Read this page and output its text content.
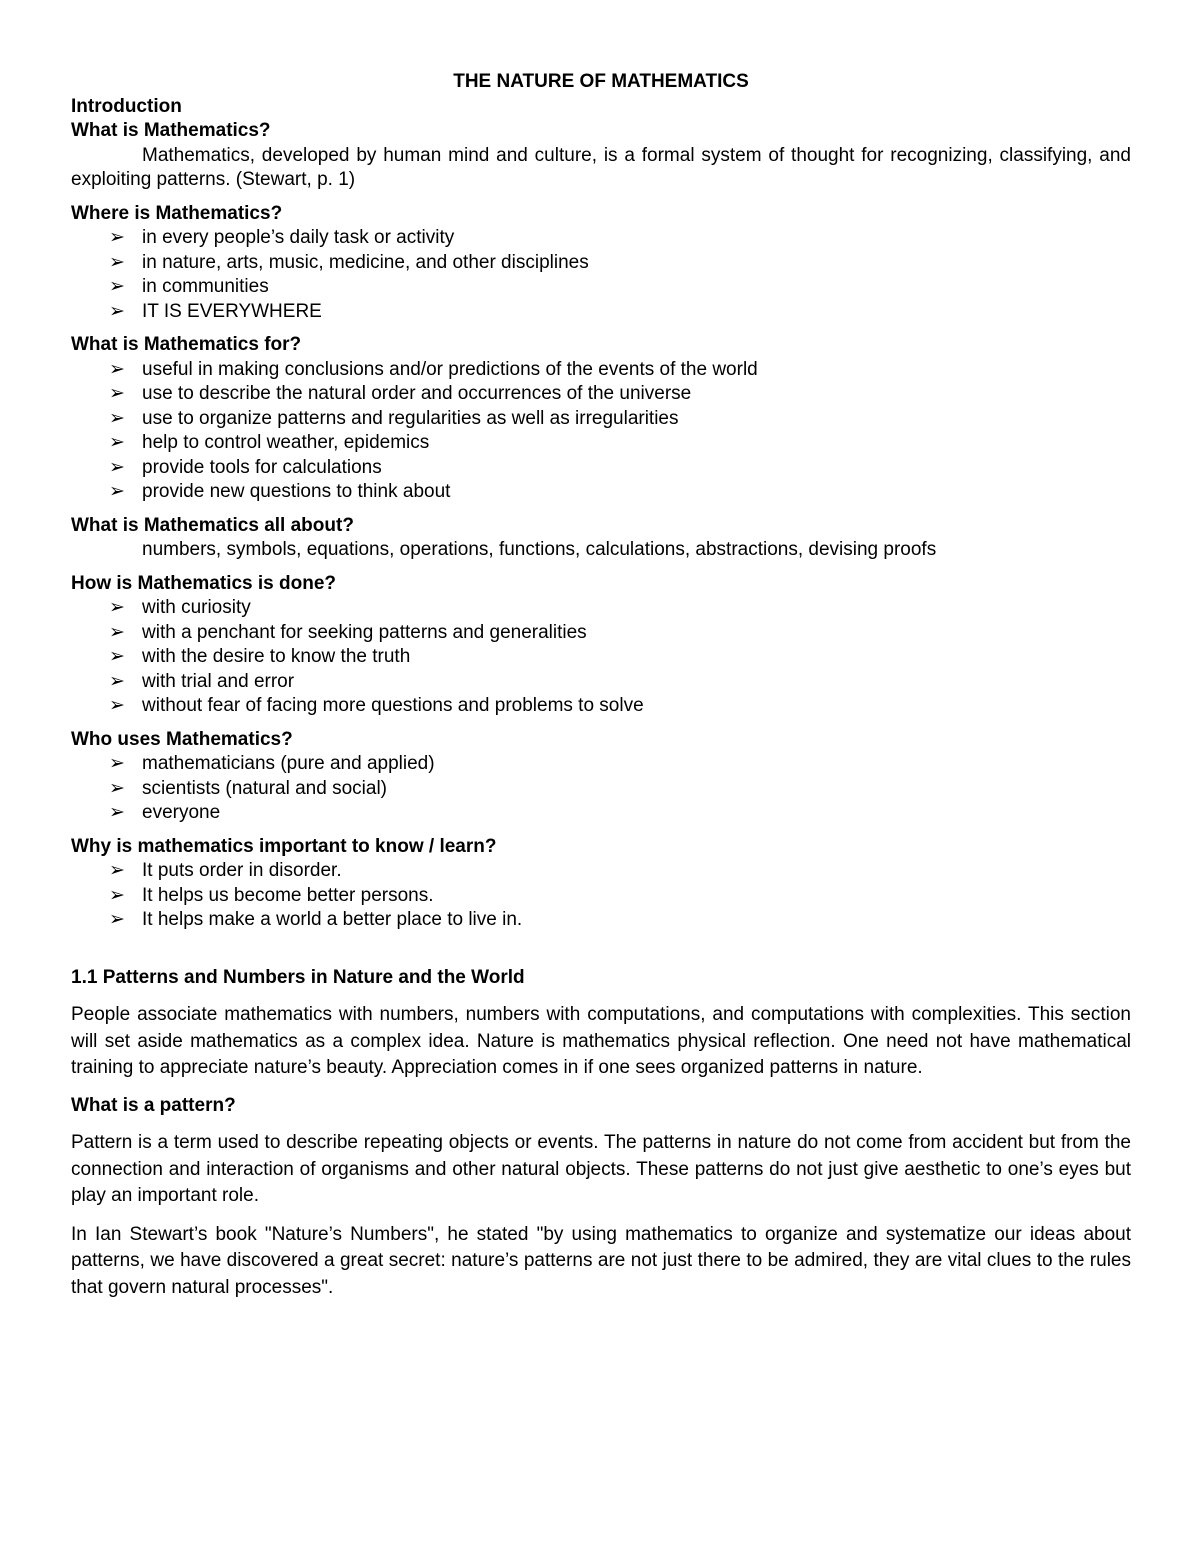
THE NATURE OF MATHEMATICS

Introduction

What is Mathematics?

Mathematics, developed by human mind and culture, is a formal system of thought for recognizing, classifying, and exploiting patterns. (Stewart, p. 1)

Where is Mathematics?

➢ in every people’s daily task or activity
➢ in nature, arts, music, medicine, and other disciplines
➢ in communities
➢ IT IS EVERYWHERE

What is Mathematics for?

➢ useful in making conclusions and/or predictions of the events of the world
➢ use to describe the natural order and occurrences of the universe
➢ use to organize patterns and regularities as well as irregularities
➢ help to control weather, epidemics
➢ provide tools for calculations
➢ provide new questions to think about

What is Mathematics all about?

numbers, symbols, equations, operations, functions, calculations, abstractions, devising proofs

How is Mathematics is done?

➢ with curiosity
➢ with a penchant for seeking patterns and generalities
➢ with the desire to know the truth
➢ with trial and error
➢ without fear of facing more questions and problems to solve

Who uses Mathematics?

➢ mathematicians (pure and applied)
➢ scientists (natural and social)
➢ everyone

Why is mathematics important to know / learn?

➢ It puts order in disorder.
➢ It helps us become better persons.
➢ It helps make a world a better place to live in.

1.1 Patterns and Numbers in Nature and the World

People associate mathematics with numbers, numbers with computations, and computations with complexities. This section will set aside mathematics as a complex idea. Nature is mathematics physical reflection. One need not have mathematical training to appreciate nature’s beauty. Appreciation comes in if one sees organized patterns in nature.

What is a pattern?

Pattern is a term used to describe repeating objects or events. The patterns in nature do not come from accident but from the connection and interaction of organisms and other natural objects. These patterns do not just give aesthetic to one’s eyes but play an important role.

In Ian Stewart’s book "Nature’s Numbers", he stated "by using mathematics to organize and systematize our ideas about patterns, we have discovered a great secret: nature’s patterns are not just there to be admired, they are vital clues to the rules that govern natural processes".
